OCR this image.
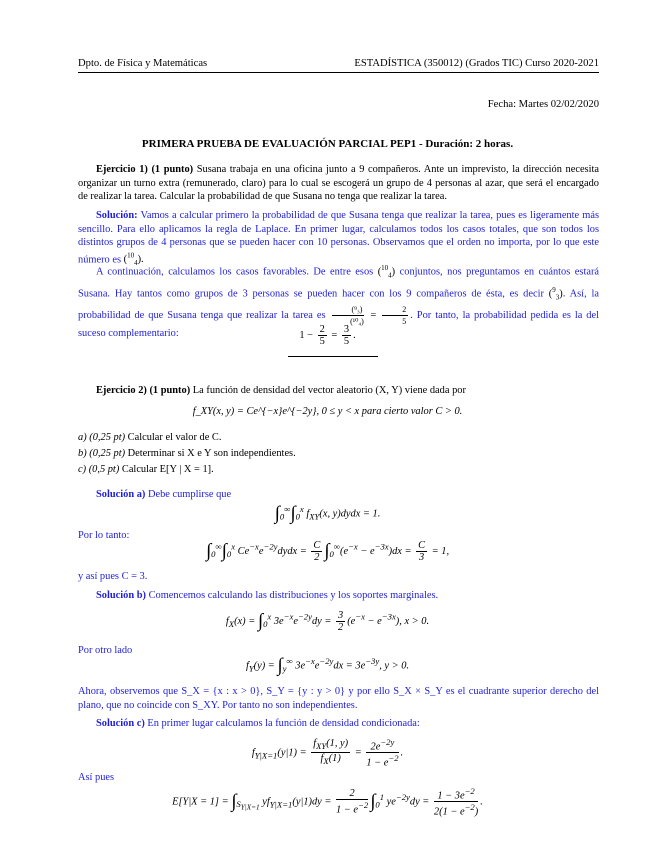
Dpto. de Física y Matemáticas	ESTADÍSTICA (350012) (Grados TIC) Curso 2020-2021
Fecha: Martes 02/02/2020
PRIMERA PRUEBA DE EVALUACIÓN PARCIAL PEP1 - Duración: 2 horas.
Ejercicio 1) (1 punto) Susana trabaja en una oficina junto a 9 compañeros. Ante un imprevisto, la dirección necesita organizar un turno extra (remunerado, claro) para lo cual se escogerá un grupo de 4 personas al azar, que será el encargado de realizar la tarea. Calcular la probabilidad de que Susana no tenga que realizar la tarea.
Solución: Vamos a calcular primero la probabilidad de que Susana tenga que realizar la tarea, pues es ligeramente más sencillo. Para ello aplicamos la regla de Laplace. En primer lugar, calculamos todos los casos totales, que son todos los distintos grupos de 4 personas que se pueden hacer con 10 personas. Observamos que el orden no importa, por lo que este número es ($^{10}_4$).
A continuación, calculamos los casos favorables. De entre esos ($^{10}_4$) conjuntos, nos preguntamos en cuántos estará Susana. Hay tantos como grupos de 3 personas se pueden hacer con los 9 compañeros de ésta, es decir ($^9_3$). Así, la probabilidad de que Susana tenga que realizar la tarea es $\frac{\text{(⁹₃)}}{\text{(¹⁰₄)}} = \frac{2}{5}$ . Por tanto, la probabilidad pedida es la del suceso complementario:	$1 - \frac{2}{5} = \frac{3}{5}$ .
Ejercicio 2) (1 punto) La función de densidad del vector aleatorio (X, Y) viene dada por
f_XY(x, y) = Ce^{−x}e^{−2y}, 0 ≤ y < x para cierto valor C > 0.
a) (0,25 pt) Calcular el valor de C.
b) (0,25 pt) Determinar si X e Y son independientes.
c) (0,5 pt) Calcular E[Y | X = 1].
Solución a) Debe cumplirse que
$\int_0^\infty\int_0^x$ $f_{XY}(x$, y)dydx = 1.
Por lo tanto:
$\int_0^\infty\int_0^x$ $Ce^{-x}e^{-2y}dydx = \frac{C}{2} \int_0^\infty(e^{-x} - e^{-3x})dx = \frac{C}{3} = 1$,
y así pues C = 3.
Solución b) Comencemos calculando las distribuciones y los soportes marginales.
$f_X(x) = \int_0^x$ $3e^{-x}e^{-2y}dy = \frac{3}{2} (e^{-x} - e^{-3x})$, x > 0.
Por otro lado
$f_Y(y) = \int_y^\infty$ $3e^{-x}e^{-2y}dx = 3e^{-3y}$, y > 0.
Ahora, observemos que S_X = {x : x > 0}, S_Y = {y : y > 0} y por ello S_X × S_Y es el cuadrante superior derecho del plano, que no coincide con S_XY. Por tanto no son independientes.
Solución c) En primer lugar calculamos la función de densidad condicionada:
$f_{Y|X=1}(y|1) = \frac{f_{XY}(1, y)}{f_X(1)} = \frac{2e^{-2y}}{1 - e^{-2}}$ .
Así pues
$E[Y|X = 1] = \int_{S_{Y|X=1}}$ $yf_{Y|X=1}(y|1)dy = \frac{2}{1 - e^{-2}} \int_0^1$ $ye^{-2y}dy = \frac{1 - 3e^{-2}}{2(1 - e^{-2})}$ .
